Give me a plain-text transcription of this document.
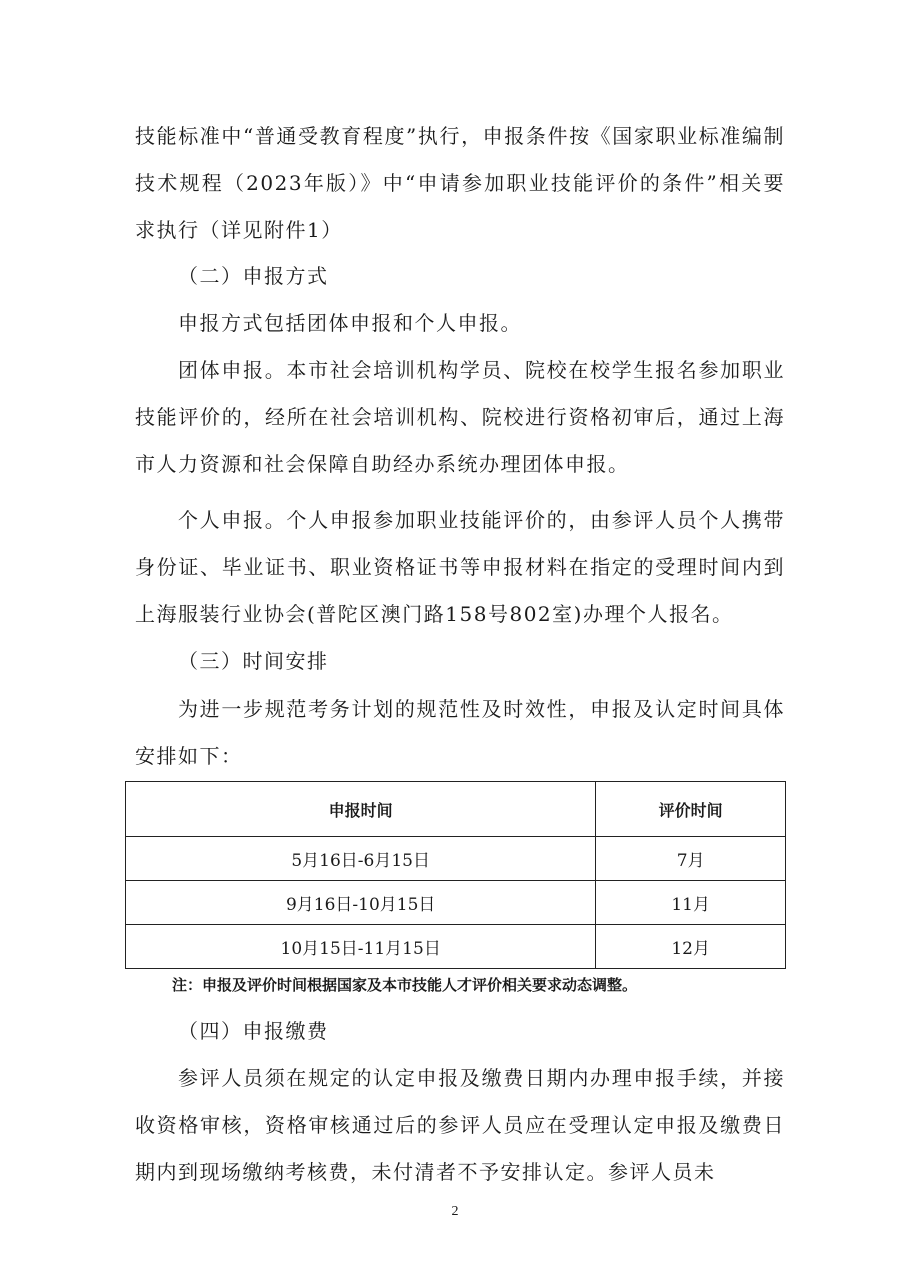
技能标准中“普通受教育程度”执行，申报条件按《国家职业标准编制技术规程（2023年版）》中“申请参加职业技能评价的条件”相关要求执行（详见附件1）

（二）申报方式

申报方式包括团体申报和个人申报。

团体申报。本市社会培训机构学员、院校在校学生报名参加职业技能评价的，经所在社会培训机构、院校进行资格初审后，通过上海市人力资源和社会保障自助经办系统办理团体申报。

个人申报。个人申报参加职业技能评价的，由参评人员个人携带身份证、毕业证书、职业资格证书等申报材料在指定的受理时间内到上海服装行业协会(普陀区澳门路158号802室)办理个人报名。

（三）时间安排

为进一步规范考务计划的规范性及时效性，申报及认定时间具体安排如下：

申报时间	评价时间
5月16日-6月15日	7月
9月16日-10月15日	11月
10月15日-11月15日	12月

注：申报及评价时间根据国家及本市技能人才评价相关要求动态调整。

（四）申报缴费

参评人员须在规定的认定申报及缴费日期内办理申报手续，并接收资格审核，资格审核通过后的参评人员应在受理认定申报及缴费日期内到现场缴纳考核费，未付清者不予安排认定。参评人员未

2
